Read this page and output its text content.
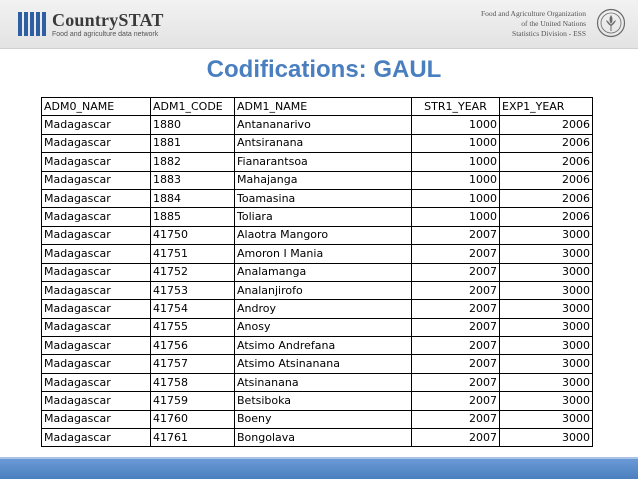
CountrySTAT
Food and agriculture data network
Food and Agriculture Organization
of the United Nations
Statistics Division - ESS
Codifications: GAUL
ADM0_NAME	ADM1_CODE	ADM1_NAME	STR1_YEAR	EXP1_YEAR
Madagascar	1880	Antananarivo	1000	2006
Madagascar	1881	Antsiranana	1000	2006
Madagascar	1882	Fianarantsoa	1000	2006
Madagascar	1883	Mahajanga	1000	2006
Madagascar	1884	Toamasina	1000	2006
Madagascar	1885	Toliara	1000	2006
Madagascar	41750	Alaotra Mangoro	2007	3000
Madagascar	41751	Amoron I Mania	2007	3000
Madagascar	41752	Analamanga	2007	3000
Madagascar	41753	Analanjirofo	2007	3000
Madagascar	41754	Androy	2007	3000
Madagascar	41755	Anosy	2007	3000
Madagascar	41756	Atsimo Andrefana	2007	3000
Madagascar	41757	Atsimo Atsinanana	2007	3000
Madagascar	41758	Atsinanana	2007	3000
Madagascar	41759	Betsiboka	2007	3000
Madagascar	41760	Boeny	2007	3000
Madagascar	41761	Bongolava	2007	3000
